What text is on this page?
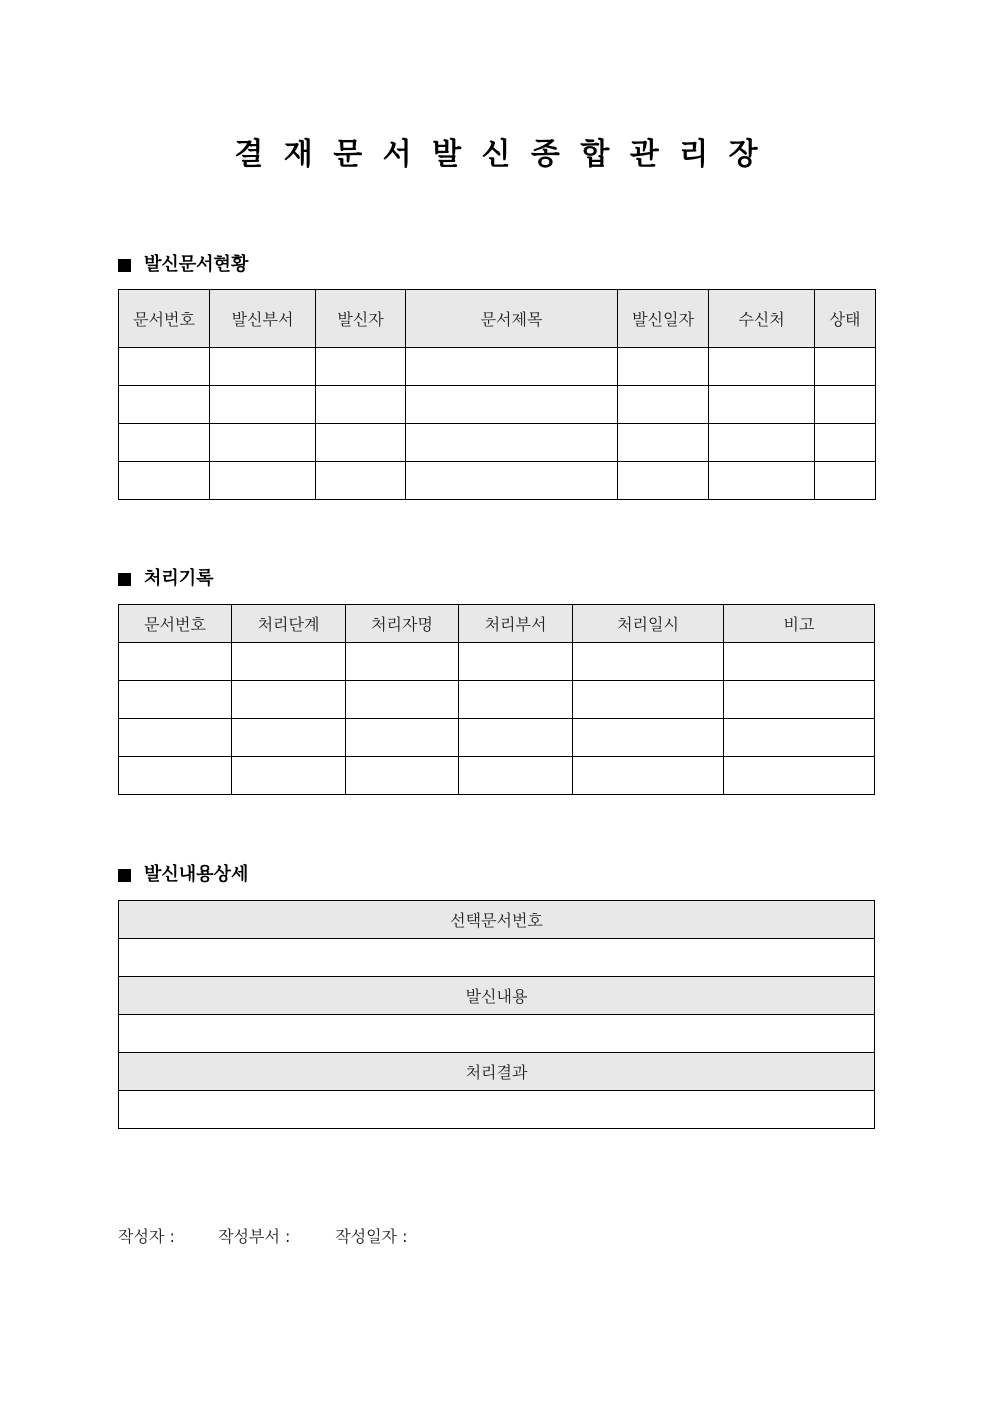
결 재 문 서 발 신 종 합 관 리 장
발신문서현황
문서번호	발신부서	발신자	문서제목	발신일자	수신처	상태

처리기록
문서번호	처리단계	처리자명	처리부서	처리일시	비고

발신내용상세
선택문서번호

발신내용

처리결과

작성자 :	작성부서 :	작성일자 :
